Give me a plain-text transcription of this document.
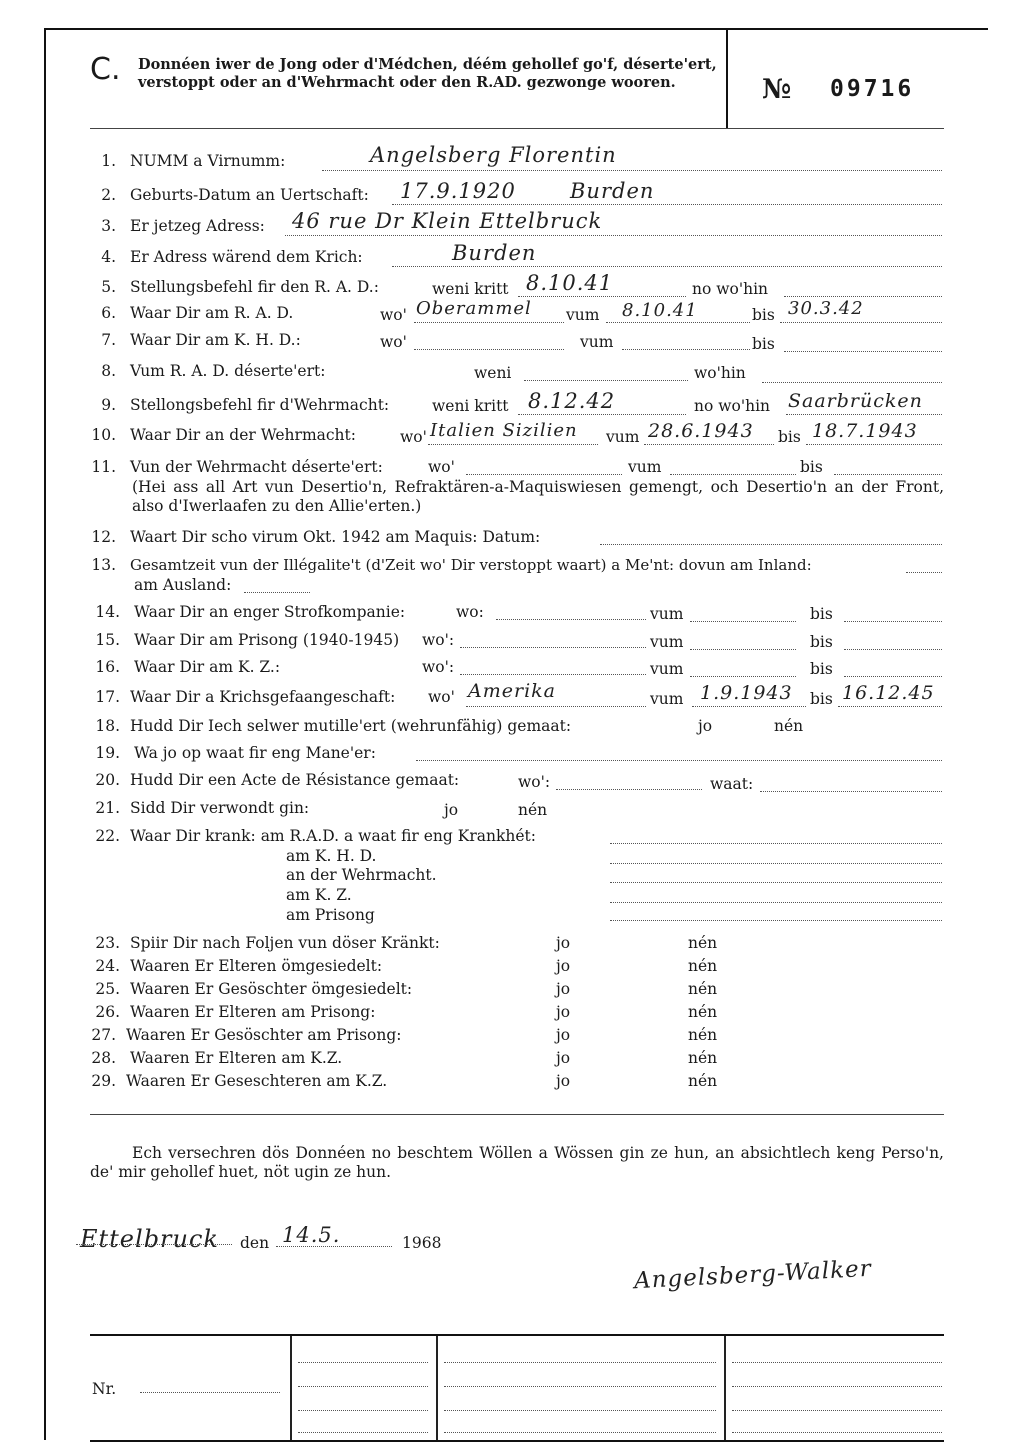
C. Donnéen iwer de Jong oder d'Médchen, déém gehollef go'f, déserte'ert, verstoppt oder an d'Wehrmacht oder den R.AD. gezwonge wooren.	№ 09716
1. NUMM a Virnumm:	Angelsberg Florentin
2. Geburts-Datum an Uertschaft: 17.9.1920	Burden
3. Er jetzeg Adress: 46 rue Dr Klein Ettelbruck
4. Er Adress wärend dem Krich:	Burden
5. Stellungsbefehl fir den R. A. D.:	weni kritt 8.10.41	no wo'hin
6. Waar Dir am R. A. D.	wo' Oberammel vum 8.10.41	bis 30.3.42
7. Waar Dir am K. H. D.:	wo'	vum	bis
8. Vum R. A. D. déserte'ert:	weni	wo'hin
9. Stellongsbefehl fir d'Wehrmacht:	weni kritt 8.12.42	no wo'hin Saarbrücken
10. Waar Dir an der Wehrmacht:	wo' Italien Sizilien vum 28.6.1943 bis 18.7.1943
11. Vun der Wehrmacht déserte'ert:	wo'	vum	bis
(Hei ass all Art vun Desertio'n, Refraktären-a-Maquiswiesen gemengt, och Desertio'n an der Front, also d'Iwerlaafen zu den Allie'erten.)
12. Waart Dir scho virum Okt. 1942 am Maquis: Datum:
13. Gesamtzeit vun der Illégalite't (d'Zeit wo' Dir verstoppt waart) a Me'nt: dovun am Inland:
am Ausland:
14. Waar Dir an enger Strofkompanie:	wo:	vum	bis
15. Waar Dir am Prisong (1940-1945) wo':	vum	bis
16. Waar Dir am K. Z.:	wo':	vum	bis
17. Waar Dir a Krichsgefaangeschaft: wo' Amerika	vum 1.9.1943 bis 16.12.45
18. Hudd Dir Iech selwer mutille'ert (wehrunfähig) gemaat:	jo	nén
19. Wa jo op waat fir eng Mane'er:
20. Hudd Dir een Acte de Résistance gemaat:	wo':	waat:
21. Sidd Dir verwondt gin:	jo	nén
22. Waar Dir krank: am R.A.D. a waat fir eng Krankhét:
am K. H. D.
an der Wehrmacht.
am K. Z.
am Prisong
23. Spiir Dir nach Foljen vun döser Kränkt:	jo	nén
24. Waaren Er Elteren ömgesiedelt:	jo	nén
25. Waaren Er Gesöschter ömgesiedelt:	jo	nén
26. Waaren Er Elteren am Prisong:	jo	nén
27. Waaren Er Gesöschter am Prisong:	jo	nén
28. Waaren Er Elteren am K.Z.	jo	nén
29. Waaren Er Geseschteren am K.Z.	jo	nén
Ech versechren dös Donnéen no beschtem Wöllen a Wössen gin ze hun, an absichtlech keng Perso'n, de' mir gehollef huet, nöt ugin ze hun.
Ettelbruck den 14.5.	1968
Angelsberg-Walker
Nr.
